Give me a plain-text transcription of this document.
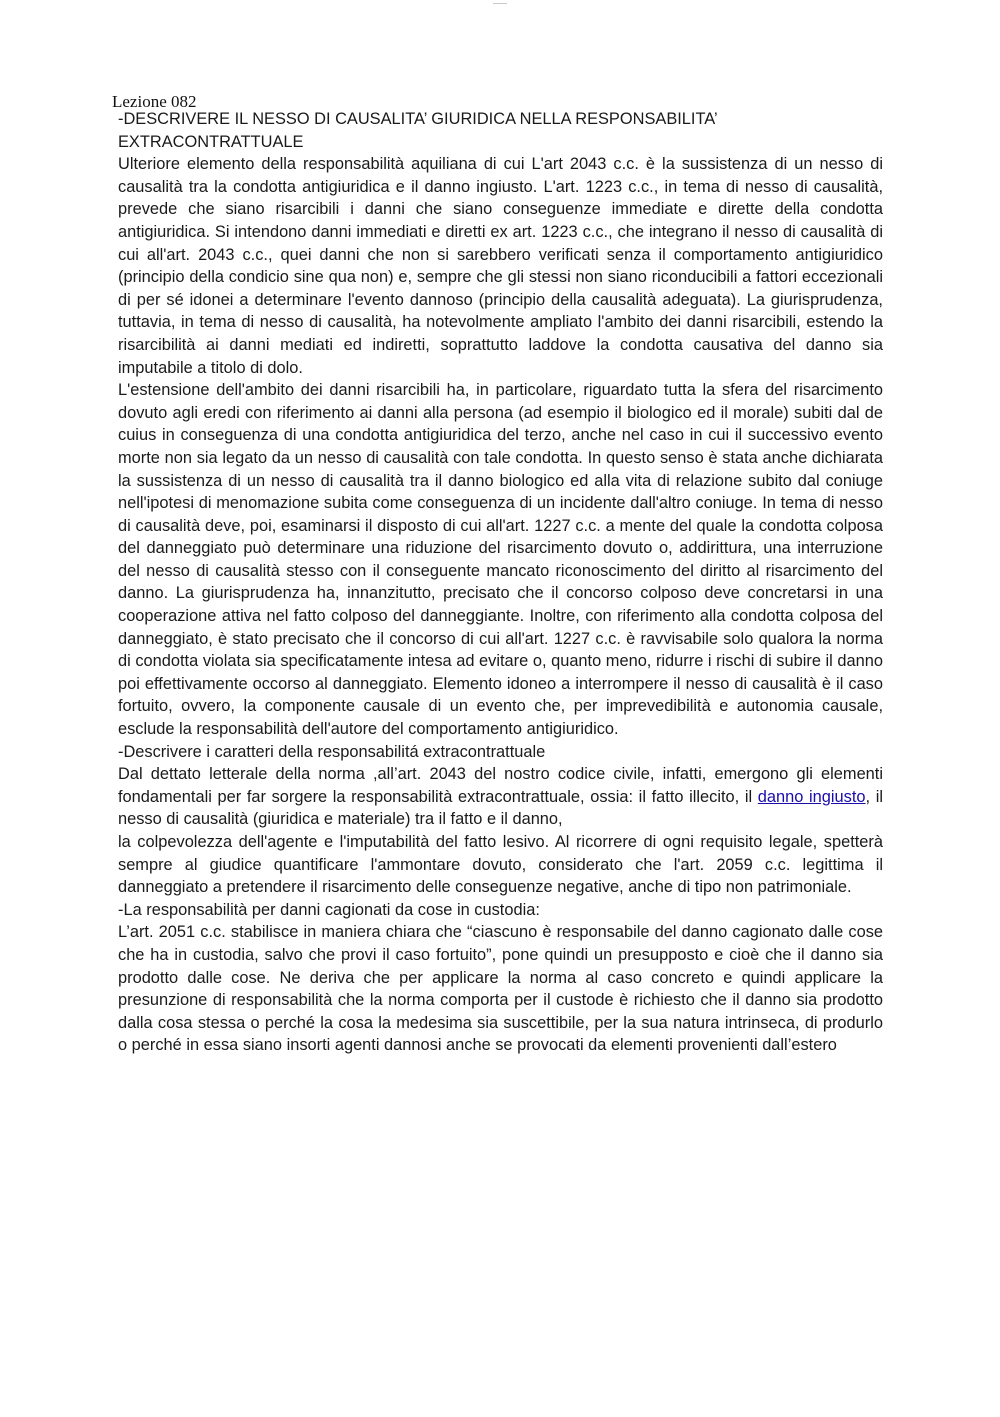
Lezione 082

-DESCRIVERE IL NESSO DI CAUSALITA’ GIURIDICA NELLA RESPONSABILITA’ EXTRACONTRATTUALE

Ulteriore elemento della responsabilità aquiliana di cui L'art 2043 c.c. è la sussistenza di un nesso di causalità tra la condotta antigiuridica e il danno ingiusto. L'art. 1223 c.c., in tema di nesso di causalità, prevede che siano risarcibili i danni che siano conseguenze immediate e dirette della condotta antigiuridica. Si intendono danni immediati e diretti ex art. 1223 c.c., che integrano il nesso di causalità di cui all'art. 2043 c.c., quei danni che non si sarebbero verificati senza il comportamento antigiuridico (principio della condicio sine qua non) e, sempre che gli stessi non siano riconducibili a fattori eccezionali di per sé idonei a determinare l'evento dannoso (principio della causalità adeguata). La giurisprudenza, tuttavia, in tema di nesso di causalità, ha notevolmente ampliato l'ambito dei danni risarcibili, estendo la risarcibilità ai danni mediati ed indiretti, soprattutto laddove la condotta causativa del danno sia imputabile a titolo di dolo.

L'estensione dell'ambito dei danni risarcibili ha, in particolare, riguardato tutta la sfera del risarcimento dovuto agli eredi con riferimento ai danni alla persona (ad esempio il biologico ed il morale) subiti dal de cuius in conseguenza di una condotta antigiuridica del terzo, anche nel caso in cui il successivo evento morte non sia legato da un nesso di causalità con tale condotta. In questo senso è stata anche dichiarata la sussistenza di un nesso di causalità tra il danno biologico ed alla vita di relazione subito dal coniuge nell'ipotesi di menomazione subita come conseguenza di un incidente dall'altro coniuge. In tema di nesso di causalità deve, poi, esaminarsi il disposto di cui all'art. 1227 c.c. a mente del quale la condotta colposa del danneggiato può determinare una riduzione del risarcimento dovuto o, addirittura, una interruzione del nesso di causalità stesso con il conseguente mancato riconoscimento del diritto al risarcimento del danno. La giurisprudenza ha, innanzitutto, precisato che il concorso colposo deve concretarsi in una cooperazione attiva nel fatto colposo del danneggiante. Inoltre, con riferimento alla condotta colposa del danneggiato, è stato precisato che il concorso di cui all'art. 1227 c.c. è ravvisabile solo qualora la norma di condotta violata sia specificatamente intesa ad evitare o, quanto meno, ridurre i rischi di subire il danno poi effettivamente occorso al danneggiato. Elemento idoneo a interrompere il nesso di causalità è il caso fortuito, ovvero, la componente causale di un evento che, per imprevedibilità e autonomia causale, esclude la responsabilità dell'autore del comportamento antigiuridico.

-Descrivere i caratteri della responsabilitá extracontrattuale

Dal dettato letterale della norma ,all’art. 2043 del nostro codice civile, infatti, emergono gli elementi fondamentali per far sorgere la responsabilità extracontrattuale, ossia: il fatto illecito, il danno ingiusto, il nesso di causalità (giuridica e materiale) tra il fatto e il danno,

la colpevolezza dell'agente e l'imputabilità del fatto lesivo. Al ricorrere di ogni requisito legale, spetterà sempre al giudice quantificare l'ammontare dovuto, considerato che l'art. 2059 c.c. legittima il danneggiato a pretendere il risarcimento delle conseguenze negative, anche di tipo non patrimoniale.

-La responsabilità per danni cagionati da cose in custodia:

L’art. 2051 c.c. stabilisce in maniera chiara che “ciascuno è responsabile del danno cagionato dalle cose che ha in custodia, salvo che provi il caso fortuito”, pone quindi un presupposto e cioè che il danno sia prodotto dalle cose. Ne deriva che per applicare la norma al caso concreto e quindi applicare la presunzione di responsabilità che la norma comporta per il custode è richiesto che il danno sia prodotto dalla cosa stessa o perché la cosa la medesima sia suscettibile, per la sua natura intrinseca, di produrlo o perché in essa siano insorti agenti dannosi anche se provocati da elementi provenienti dall’estero
